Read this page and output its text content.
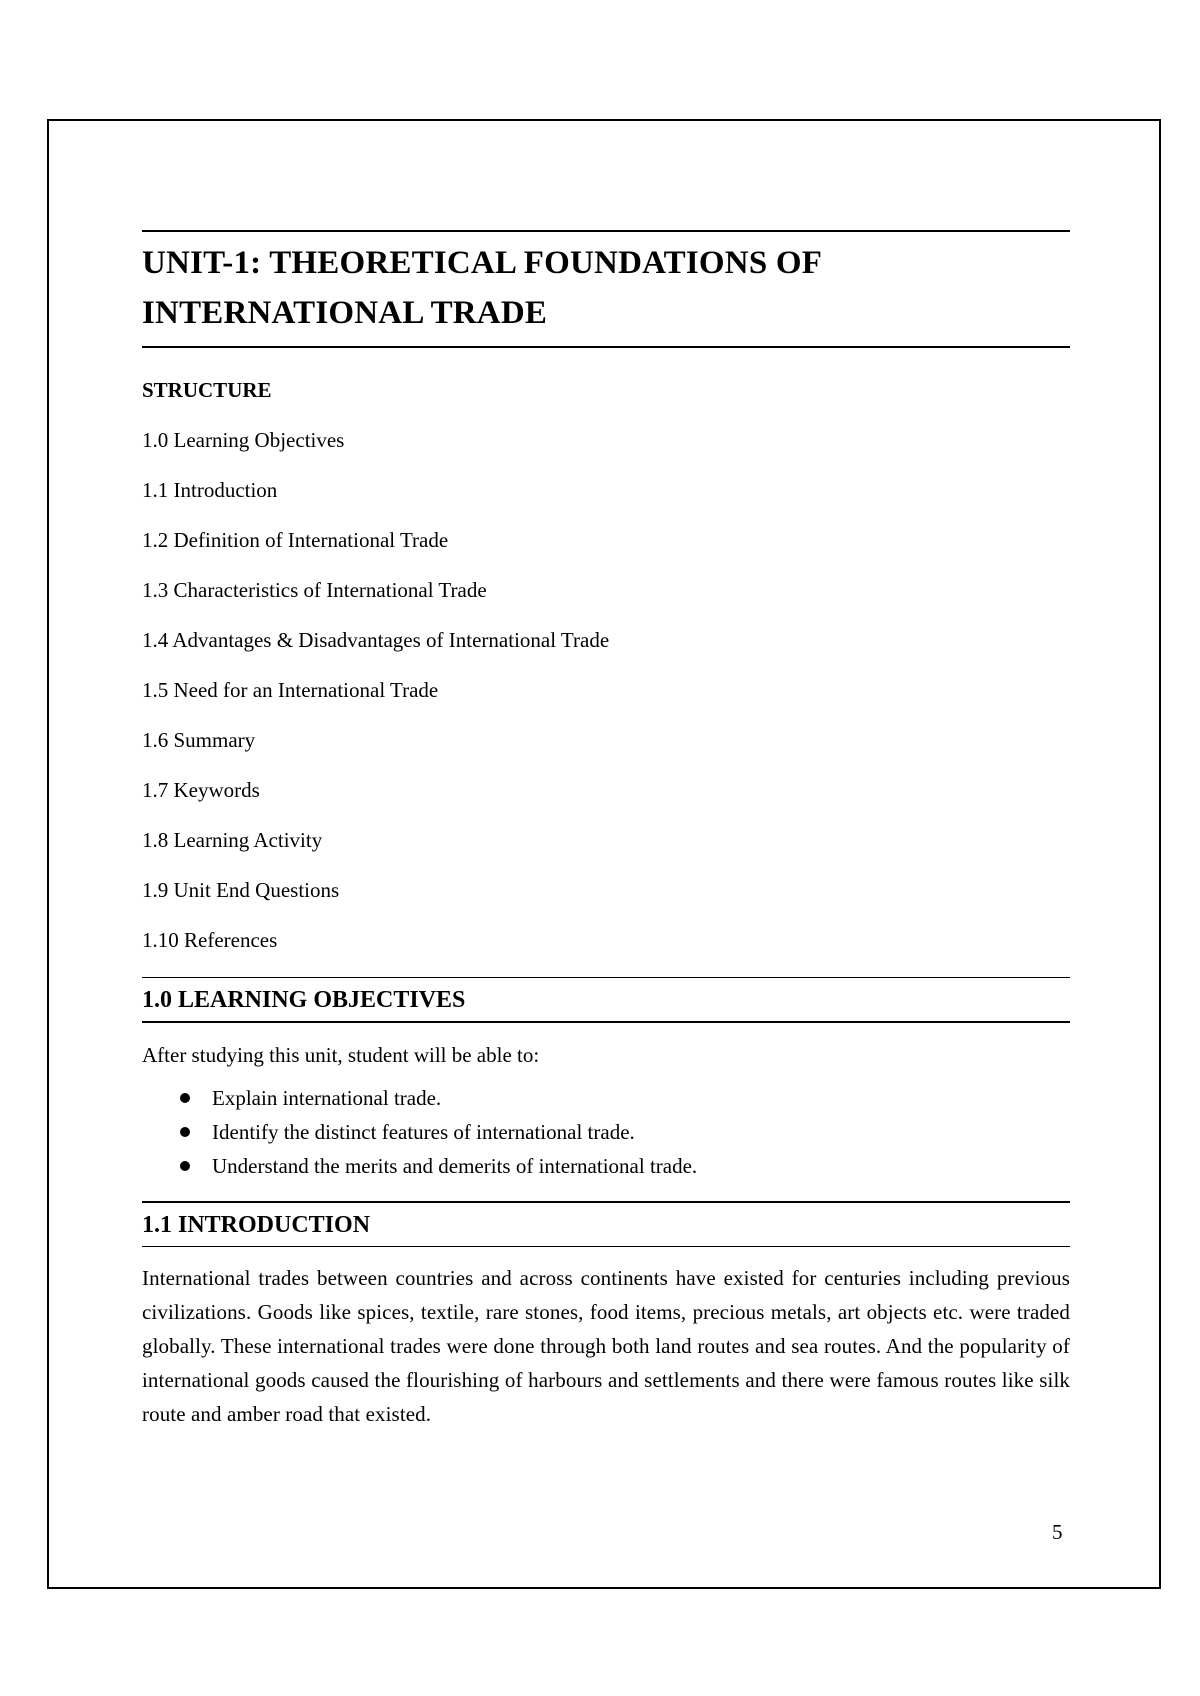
UNIT-1: THEORETICAL FOUNDATIONS OF
INTERNATIONAL TRADE
STRUCTURE
1.0 Learning Objectives
1.1 Introduction
1.2 Definition of International Trade
1.3 Characteristics of International Trade
1.4 Advantages & Disadvantages of International Trade
1.5 Need for an International Trade
1.6 Summary
1.7 Keywords
1.8 Learning Activity
1.9 Unit End Questions
1.10 References
1.0 LEARNING OBJECTIVES
After studying this unit, student will be able to:
Explain international trade.
Identify the distinct features of international trade.
Understand the merits and demerits of international trade.
1.1 INTRODUCTION

International trades between countries and across continents have existed for centuries including previous civilizations. Goods like spices, textile, rare stones, food items, precious metals, art objects etc. were traded globally. These international trades were done through both land routes and sea routes. And the popularity of international goods caused the flourishing of harbours and settlements and there were famous routes like silk route and amber road that existed.

5
